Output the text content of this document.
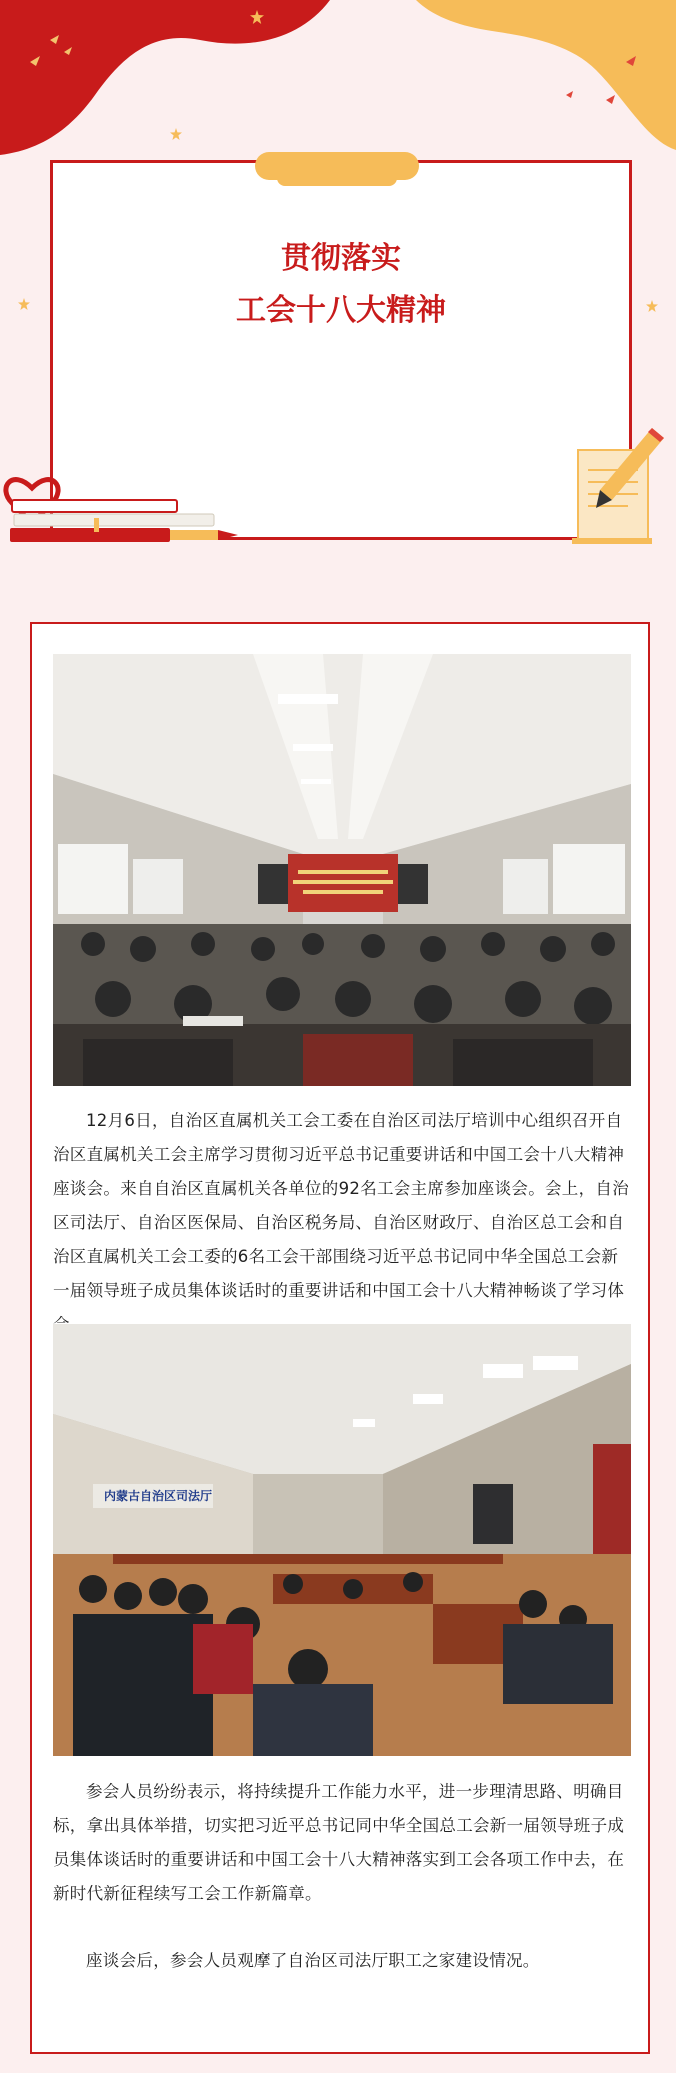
贯彻落实
工会十八大精神

12月6日，自治区直属机关工会工委在自治区司法厅培训中心组织召开自治区直属机关工会主席学习贯彻习近平总书记重要讲话和中国工会十八大精神座谈会。来自自治区直属机关各单位的92名工会主席参加座谈会。会上，自治区司法厅、自治区医保局、自治区税务局、自治区财政厅、自治区总工会和自治区直属机关工会工委的6名工会干部围绕习近平总书记同中华全国总工会新一届领导班子成员集体谈话时的重要讲话和中国工会十八大精神畅谈了学习体

内蒙古自治区司法厅

参会人员纷纷表示，将持续提升工作能力水平，进一步理清思路、明确目标，拿出具体举措，切实把习近平总书记同中华全国总工会新一届领导班子成员集体谈话时的重要讲话和中国工会十八大精神落实到工会各项工作中去，在新时代新征程续写工会工作新篇章。

座谈会后，参会人员观摩了自治区司法厅职工之家建设情况。
